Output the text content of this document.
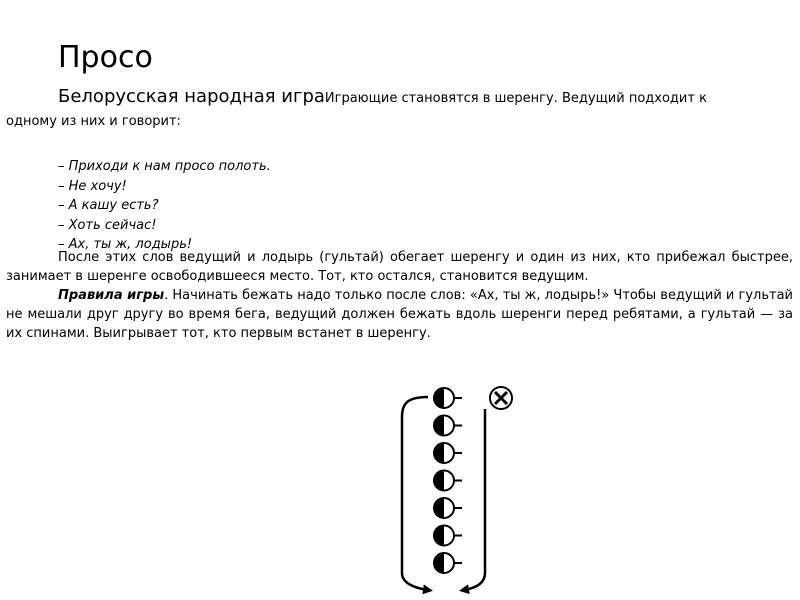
Просо
Белорусская народная играИграющие становятся в шеренгу. Ведущий подходит к
одному из них и говорит:
– Приходи к нам просо полоть.
– Не хочу!
– А кашу есть?
– Хоть сейчас!
– Ах, ты ж, лодырь!
После этих слов ведущий и лодырь (гультай) обегает шеренгу и один из них, кто прибежал быстрее, занимает в шеренге освободившееся место. Тот, кто остался, становится ведущим.
Правила игры. Начинать бежать надо только после слов: «Ах, ты ж, лодырь!» Чтобы ведущий и гультай не мешали друг другу во время бега, ведущий должен бежать вдоль шеренги перед ребятами, а гультай — за их спинами. Выигрывает тот, кто первым встанет в шеренгу.
